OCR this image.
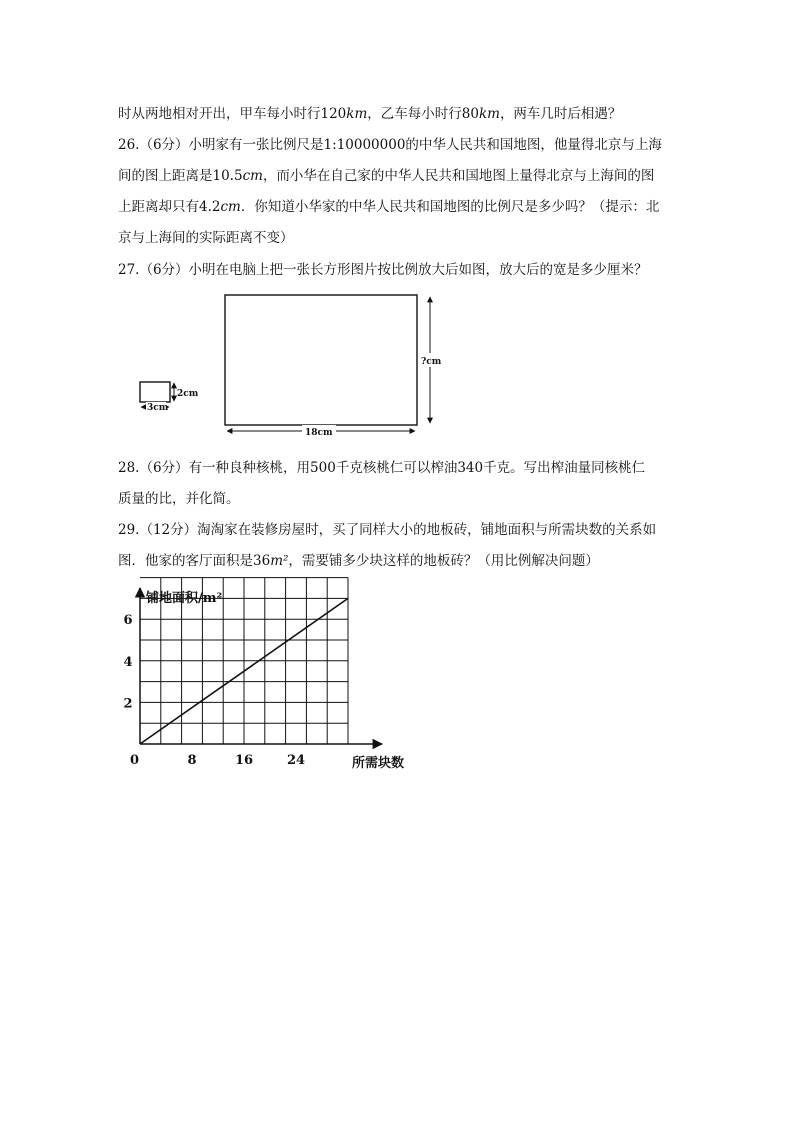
时从两地相对开出，甲车每小时行120km，乙车每小时行80km，两车几时后相遇？
26.（6分）小明家有一张比例尺是1:10000000的中华人民共和国地图，他量得北京与上海
间的图上距离是10.5cm，而小华在自己家的中华人民共和国地图上量得北京与上海间的图
上距离却只有4.2cm．你知道小华家的中华人民共和国地图的比例尺是多少吗？（提示：北
京与上海间的实际距离不变）
27.（6分）小明在电脑上把一张长方形图片按比例放大后如图，放大后的宽是多少厘米？
2cm
3cm
?cm
18cm
28.（6分）有一种良种核桃，用500千克核桃仁可以榨油340千克。写出榨油量同核桃仁
质量的比，并化简。
29.（12分）淘淘家在装修房屋时，买了同样大小的地板砖，铺地面积与所需块数的关系如
图．他家的客厅面积是36m²，需要铺多少块这样的地板砖？（用比例解决问题）
铺地面积/m²
所需块数
0	8	16	24
2
4
6
